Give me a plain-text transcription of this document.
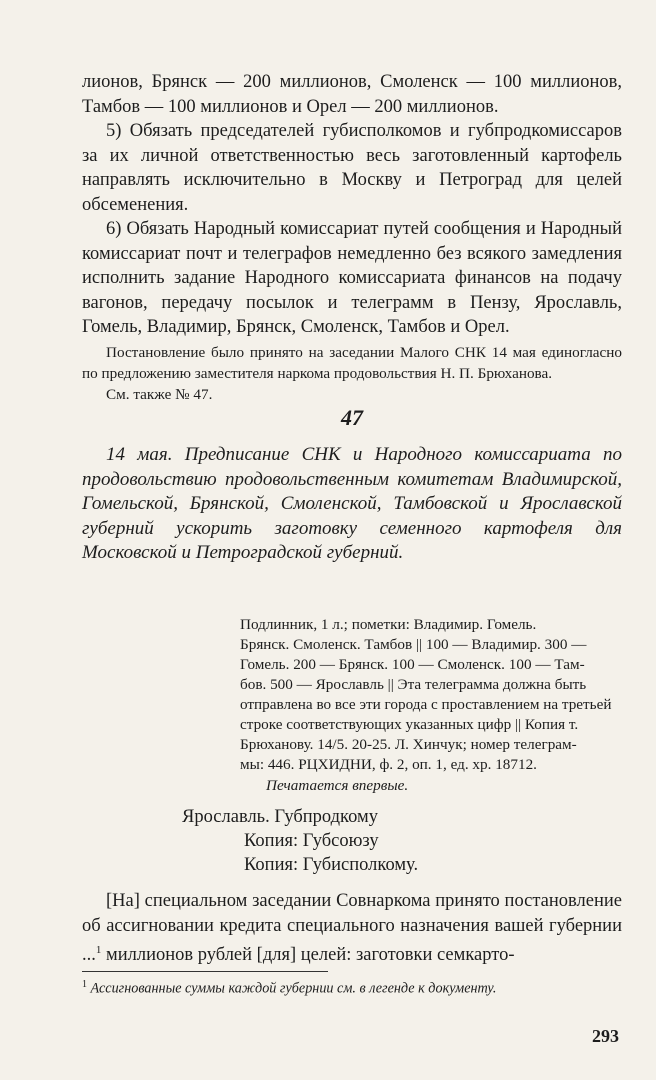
лионов, Брянск — 200 миллионов, Смоленск — 100 миллионов, Тамбов — 100 миллионов и Орел — 200 миллионов.

5) Обязать председателей губисполкомов и губпродкомиссаров за их личной ответственностью весь заготовленный картофель направлять исключительно в Москву и Петроград для целей обсеменения.

6) Обязать Народный комиссариат путей сообщения и Народный комиссариат почт и телеграфов немедленно без всякого замедления исполнить задание Народного комиссариата финансов на подачу вагонов, передачу посылок и телеграмм в Пензу, Ярославль, Гомель, Владимир, Брянск, Смоленск, Тамбов и Орел.

Постановление было принято на заседании Малого СНК 14 мая единогласно по предложению заместителя наркома продовольствия Н. П. Брюханова.

См. также № 47.

47

14 мая. Предписание СНК и Народного комиссариата по продовольствию продовольственным комитетам Владимирской, Гомельской, Брянской, Смоленской, Тамбовской и Ярославской губерний ускорить заготовку семенного картофеля для Московской и Петроградской губерний.

Подлинник, 1 л.; пометки: Владимир. Гомель.
Брянск. Смоленск. Тамбов || 100 — Владимир. 300 —
Гомель. 200 — Брянск. 100 — Смоленск. 100 — Там-
бов. 500 — Ярославль || Эта телеграмма должна быть
отправлена во все эти города с проставлением на третьей
строке соответствующих указанных цифр || Копия т.
Брюханову. 14/5. 20-25. Л. Хинчук; номер телеграм-
мы: 446. РЦХИДНИ, ф. 2, оп. 1, ед. хр. 18712.

Печатается впервые.

Ярославль. Губпродкому

Копия: Губсоюзу

Копия: Губисполкому.

[На] специальном заседании Совнаркома принято постановление об ассигновании кредита специального назначения вашей губернии ...$^1$ миллионов рублей [для] целей: заготовки семкарто-

$^1$ Ассигнованные суммы каждой губернии см. в легенде к документу.

293
